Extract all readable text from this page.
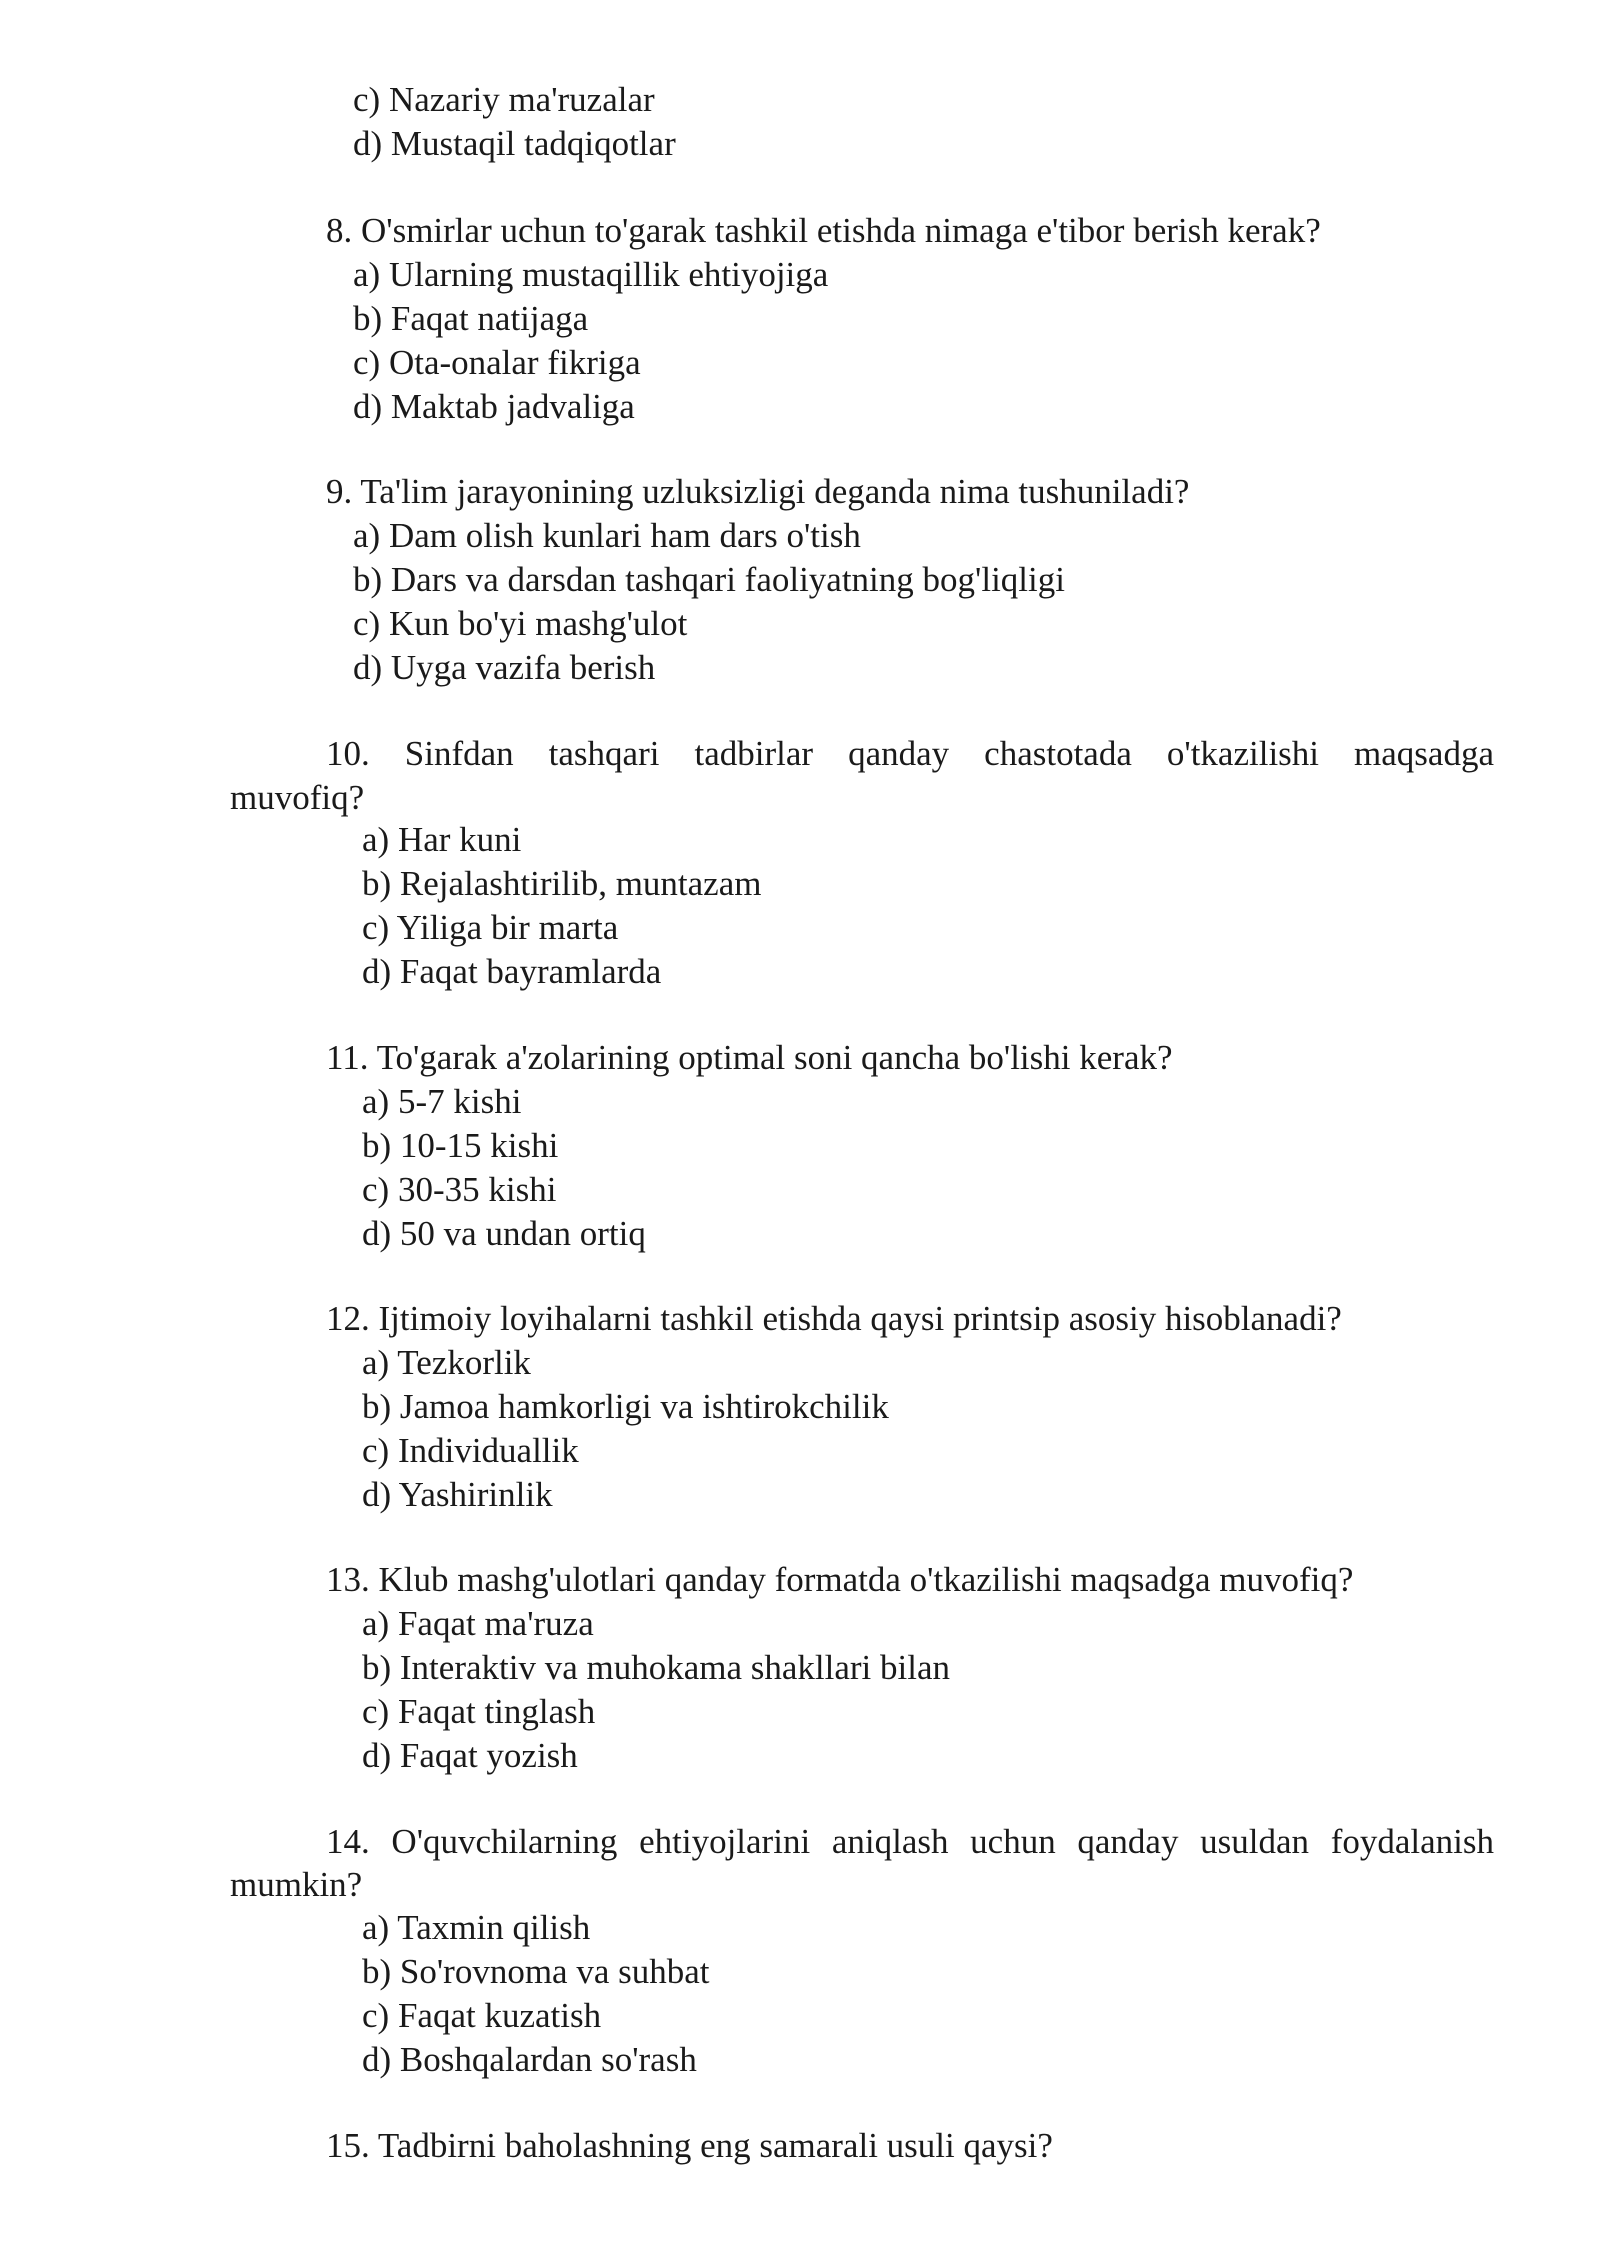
c) Nazariy ma'ruzalar
d) Mustaqil tadqiqotlar
8. O'smirlar uchun to'garak tashkil etishda nimaga e'tibor berish kerak?
a) Ularning mustaqillik ehtiyojiga
b) Faqat natijaga
c) Ota-onalar fikriga
d) Maktab jadvaliga
9. Ta'lim jarayonining uzluksizligi deganda nima tushuniladi?
a) Dam olish kunlari ham dars o'tish
b) Dars va darsdan tashqari faoliyatning bog'liqligi
c) Kun bo'yi mashg'ulot
d) Uyga vazifa berish
10. Sinfdan tashqari tadbirlar qanday chastotada o'tkazilishi maqsadga
muvofiq?
a) Har kuni
b) Rejalashtirilib, muntazam
c) Yiliga bir marta
d) Faqat bayramlarda
11. To'garak a'zolarining optimal soni qancha bo'lishi kerak?
a) 5-7 kishi
b) 10-15 kishi
c) 30-35 kishi
d) 50 va undan ortiq
12. Ijtimoiy loyihalarni tashkil etishda qaysi printsip asosiy hisoblanadi?
a) Tezkorlik
b) Jamoa hamkorligi va ishtirokchilik
c) Individuallik
d) Yashirinlik
13. Klub mashg'ulotlari qanday formatda o'tkazilishi maqsadga muvofiq?
a) Faqat ma'ruza
b) Interaktiv va muhokama shakllari bilan
c) Faqat tinglash
d) Faqat yozish
14. O'quvchilarning ehtiyojlarini aniqlash uchun qanday usuldan foydalanish
mumkin?
a) Taxmin qilish
b) So'rovnoma va suhbat
c) Faqat kuzatish
d) Boshqalardan so'rash
15. Tadbirni baholashning eng samarali usuli qaysi?
